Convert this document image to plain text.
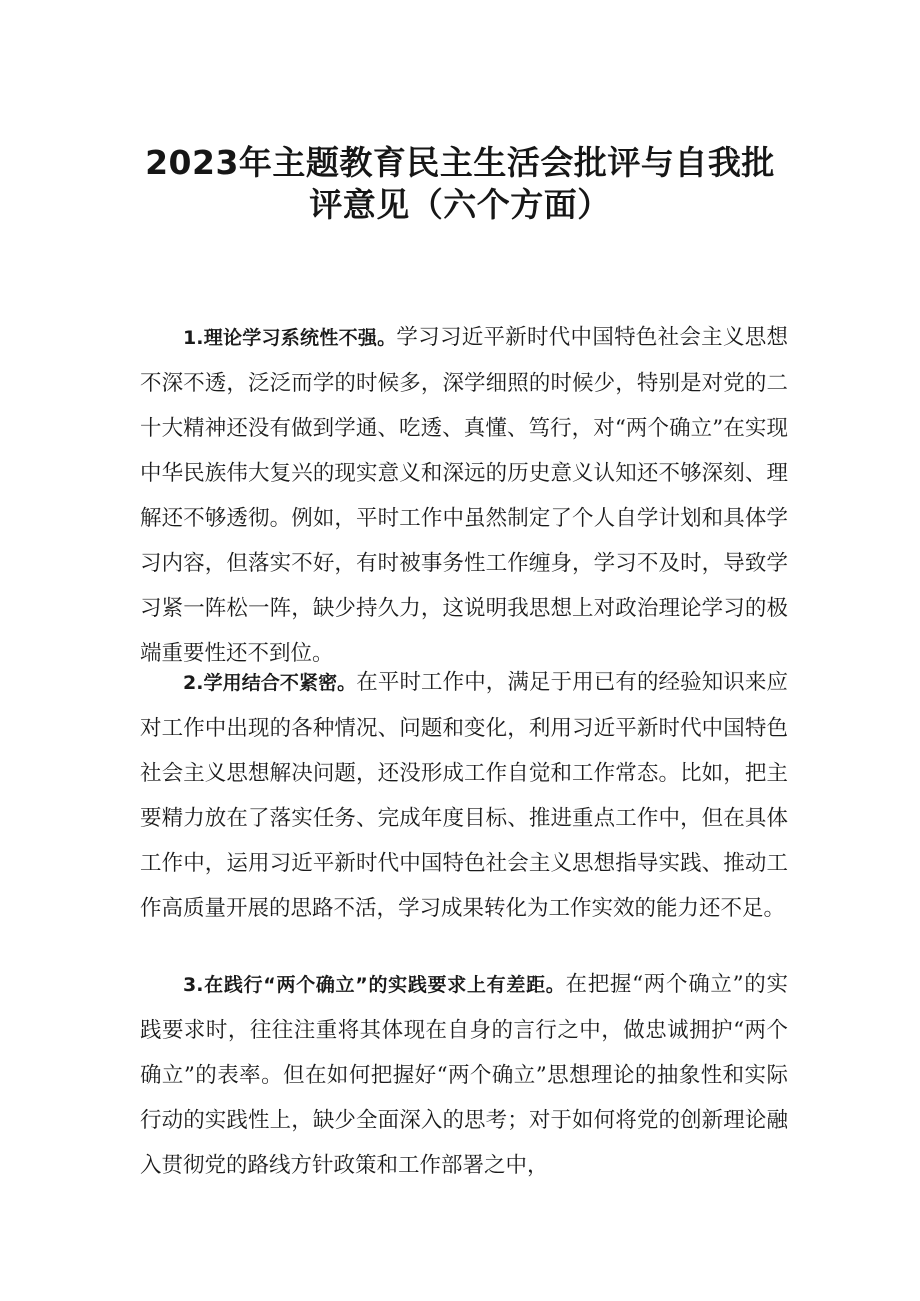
2023年主题教育民主生活会批评与自我批
评意见（六个方面）

1.理论学习系统性不强。学习习近平新时代中国特色社会主义思想不深不透，泛泛而学的时候多，深学细照的时候少，特别是对党的二十大精神还没有做到学通、吃透、真懂、笃行，对“两个确立”在实现中华民族伟大复兴的现实意义和深远的历史意义认知还不够深刻、理解还不够透彻。例如，平时工作中虽然制定了个人自学计划和具体学习内容，但落实不好，有时被事务性工作缠身，学习不及时，导致学习紧一阵松一阵，缺少持久力，这说明我思想上对政治理论学习的极端重要性还不到位。

2.学用结合不紧密。在平时工作中，满足于用已有的经验知识来应对工作中出现的各种情况、问题和变化，利用习近平新时代中国特色社会主义思想解决问题，还没形成工作自觉和工作常态。比如，把主要精力放在了落实任务、完成年度目标、推进重点工作中，但在具体工作中，运用习近平新时代中国特色社会主义思想指导实践、推动工作高质量开展的思路不活，学习成果转化为工作实效的能力还不足。

3.在践行“两个确立”的实践要求上有差距。在把握“两个确立”的实践要求时，往往注重将其体现在自身的言行之中，做忠诚拥护“两个确立”的表率。但在如何把握好“两个确立”思想理论的抽象性和实际行动的实践性上，缺少全面深入的思考；对于如何将党的创新理论融入贯彻党的路线方针政策和工作部署之中，
